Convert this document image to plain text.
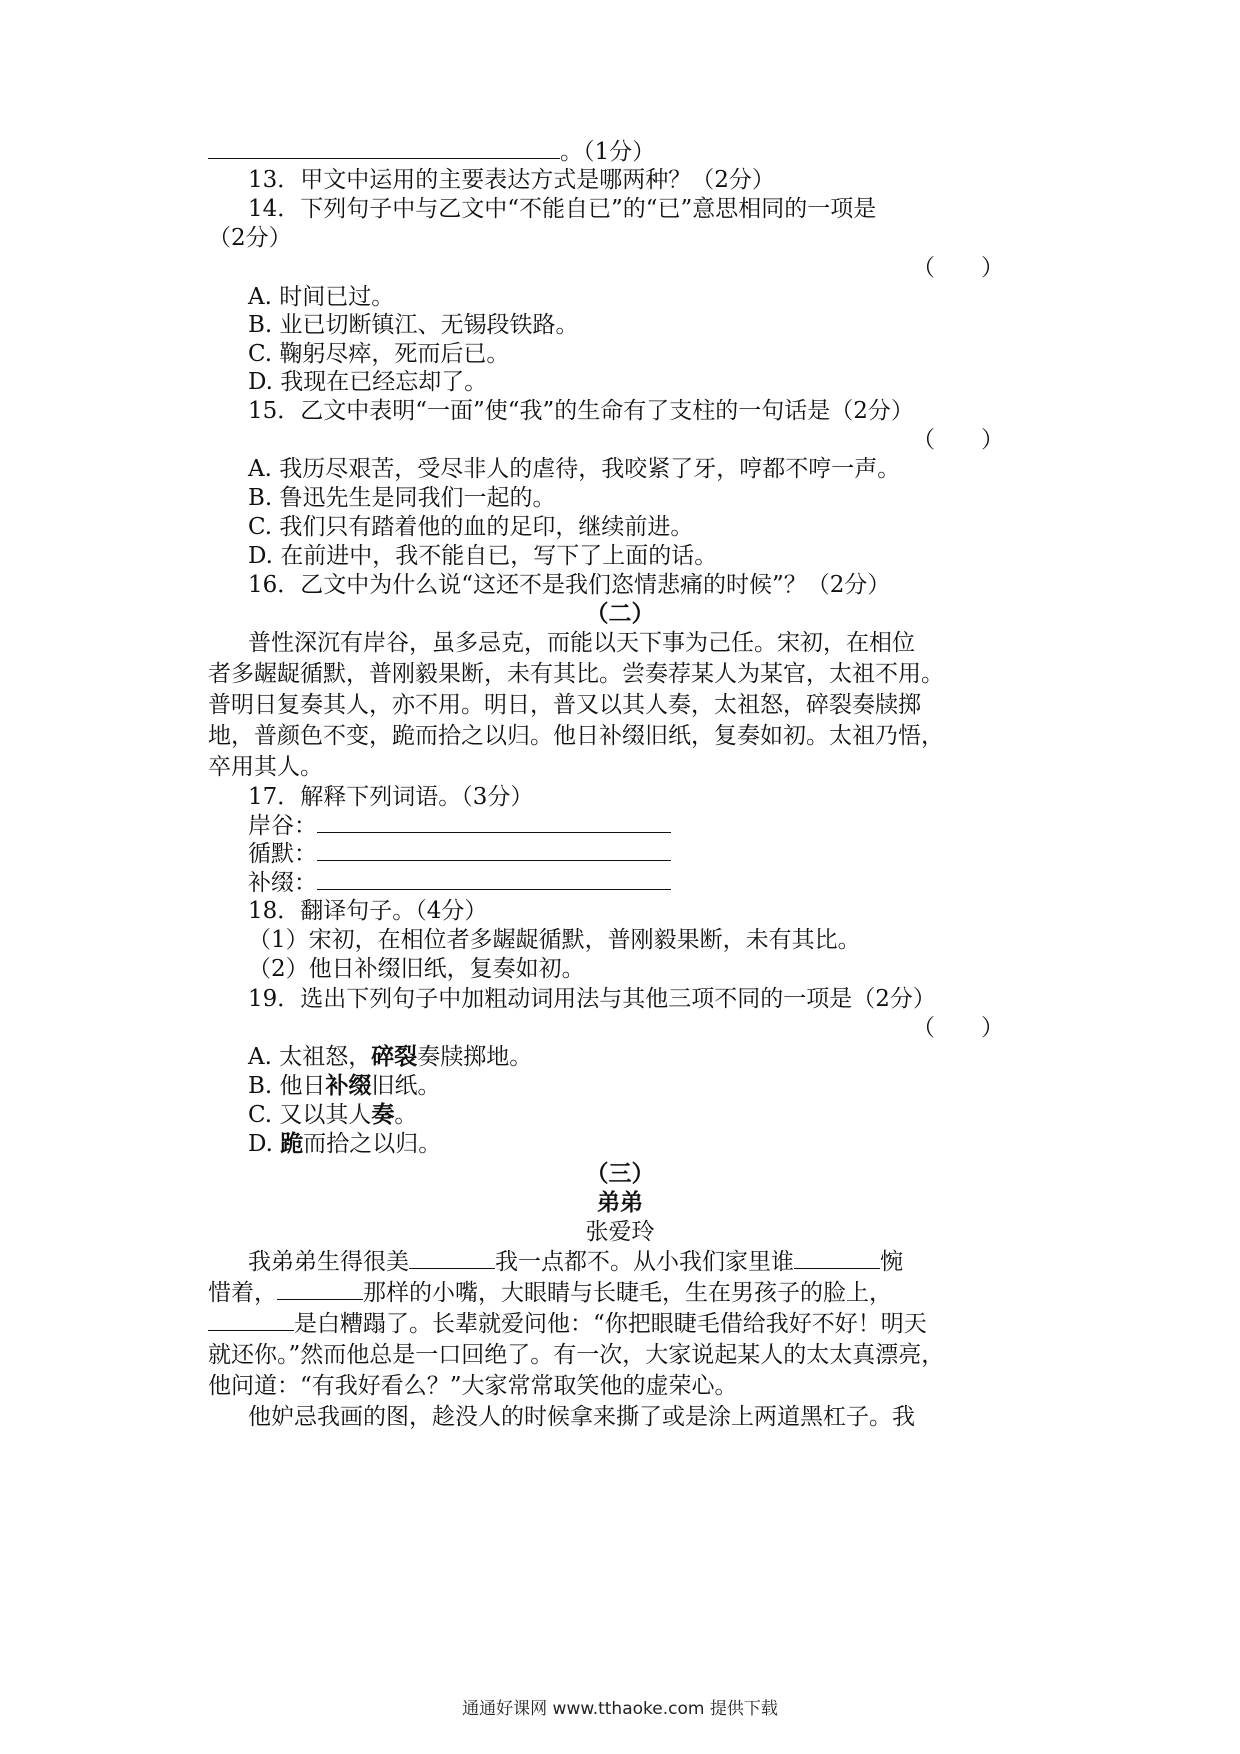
。（1分）
13．甲文中运用的主要表达方式是哪两种？（2分）
14．下列句子中与乙文中“不能自已”的“已”意思相同的一项是
（2分）
（　　）
A. 时间已过。
B. 业已切断镇江、无锡段铁路。
C. 鞠躬尽瘁，死而后已。
D. 我现在已经忘却了。
15．乙文中表明“一面”使“我”的生命有了支柱的一句话是（2分）
（　　）
A. 我历尽艰苦，受尽非人的虐待，我咬紧了牙，哼都不哼一声。
B. 鲁迅先生是同我们一起的。
C. 我们只有踏着他的血的足印，继续前进。
D. 在前进中，我不能自已，写下了上面的话。
16．乙文中为什么说“这还不是我们恣情悲痛的时候”？（2分）
（二）
普性深沉有岸谷，虽多忌克，而能以天下事为己任。宋初，在相位
者多龌龊循默，普刚毅果断，未有其比。尝奏荐某人为某官，太祖不用。
普明日复奏其人，亦不用。明日，普又以其人奏，太祖怒，碎裂奏牍掷
地，普颜色不变，跪而拾之以归。他日补缀旧纸，复奏如初。太祖乃悟，
卒用其人。
17．解释下列词语。（3分）
岸谷：
循默：
补缀：
18．翻译句子。（4分）
（1）宋初，在相位者多龌龊循默，普刚毅果断，未有其比。
（2）他日补缀旧纸，复奏如初。
19．选出下列句子中加粗动词用法与其他三项不同的一项是（2分）
（　　）
A. 太祖怒，碎裂奏牍掷地。
B. 他日补缀旧纸。
C. 又以其人奏。
D. 跪而拾之以归。
（三）
弟弟
张爱玲
我弟弟生得很美	我一点都不。从小我们家里谁	惋
惜着，	那样的小嘴，大眼睛与长睫毛，生在男孩子的脸上，
是白糟蹋了。长辈就爱问他：“你把眼睫毛借给我好不好！明天
就还你。”然而他总是一口回绝了。有一次，大家说起某人的太太真漂亮，
他问道：“有我好看么？”大家常常取笑他的虚荣心。
他妒忌我画的图，趁没人的时候拿来撕了或是涂上两道黑杠子。我
通通好课网 www.tthaoke.com 提供下载
